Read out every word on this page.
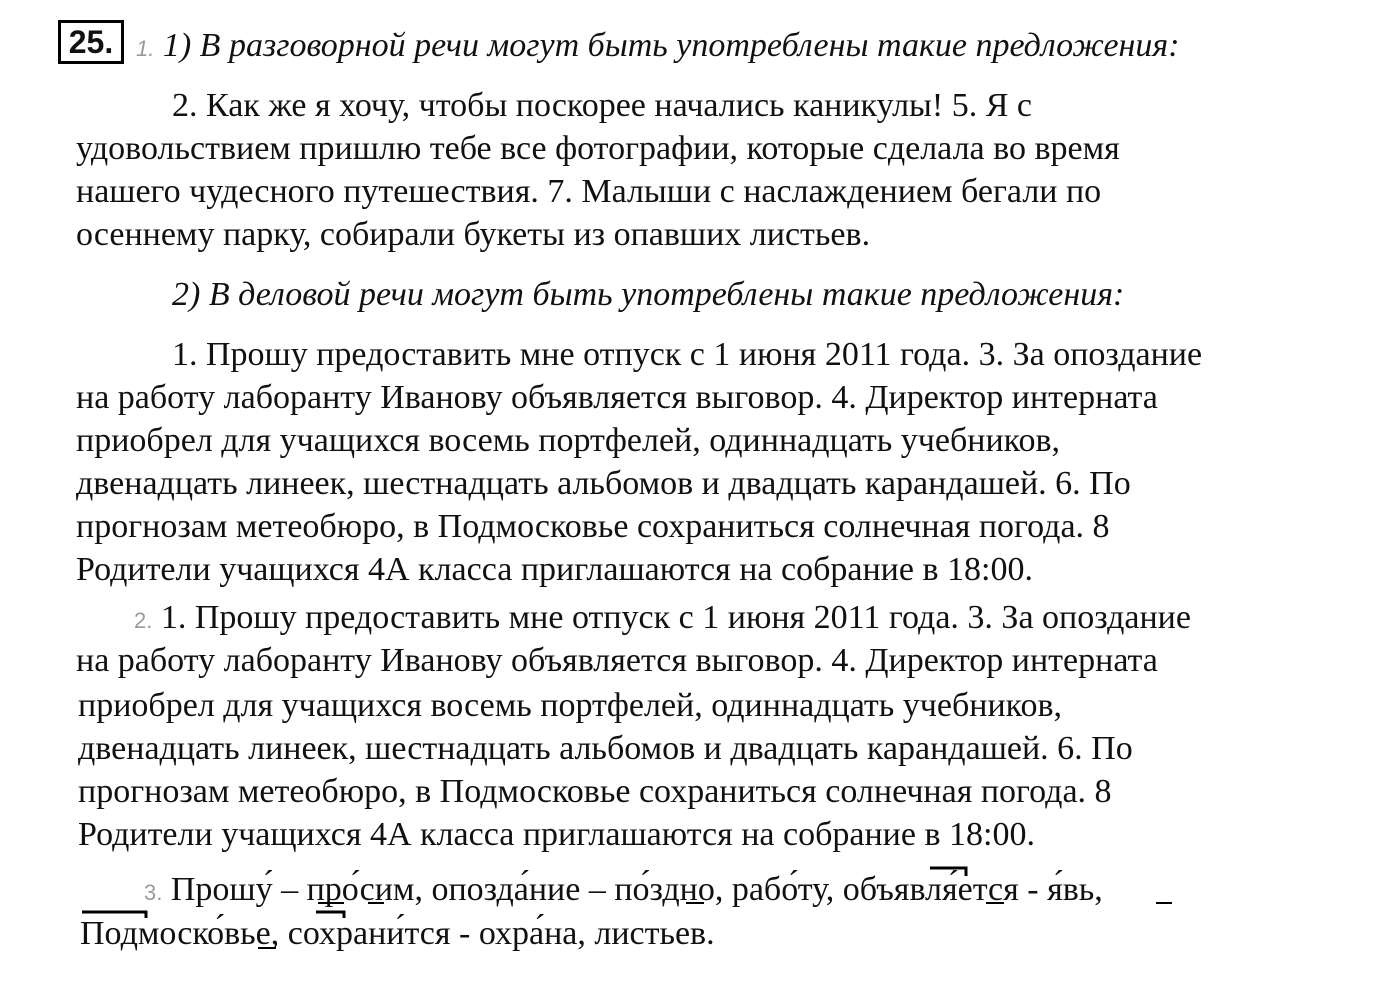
25.	1. 1) В разговорной речи могут быть употреблены такие предложения:
2. Как же я хочу, чтобы поскорее начались каникулы! 5. Я с
удовольствием пришлю тебе все фотографии, которые сделала во время
нашего чудесного путешествия. 7. Малыши с наслаждением бегали по
осеннему парку, собирали букеты из опавших листьев.
2) В деловой речи могут быть употреблены такие предложения:
1. Прошу предоставить мне отпуск с 1 июня 2011 года. 3. За опоздание
на работу лаборанту Иванову объявляется выговор. 4. Директор интерната
приобрел для учащихся восемь портфелей, одиннадцать учебников,
двенадцать линеек, шестнадцать альбомов и двадцать карандашей. 6. По
прогнозам метеобюро, в Подмосковье сохраниться солнечная погода. 8
Родители учащихся 4А класса приглашаются на собрание в 18:00.
2. 1. Прошу предоставить мне отпуск с 1 июня 2011 года. 3. За опоздание
на работу лаборанту Иванову объявляется выговор. 4. Директор интерната
приобрел для учащихся восемь портфелей, одиннадцать учебников,
двенадцать линеек, шестнадцать альбомов и двадцать карандашей. 6. По
прогнозам метеобюро, в Подмосковье сохраниться солнечная погода. 8
Родители учащихся 4А класса приглашаются на собрание в 18:00.
3. Прошу́ – про́сим, опозда́ние – по́здно, рабо́ту, объявля́ется - я́вь,
Подмоско́вье, сохрани́тся - охра́на, листьев.
